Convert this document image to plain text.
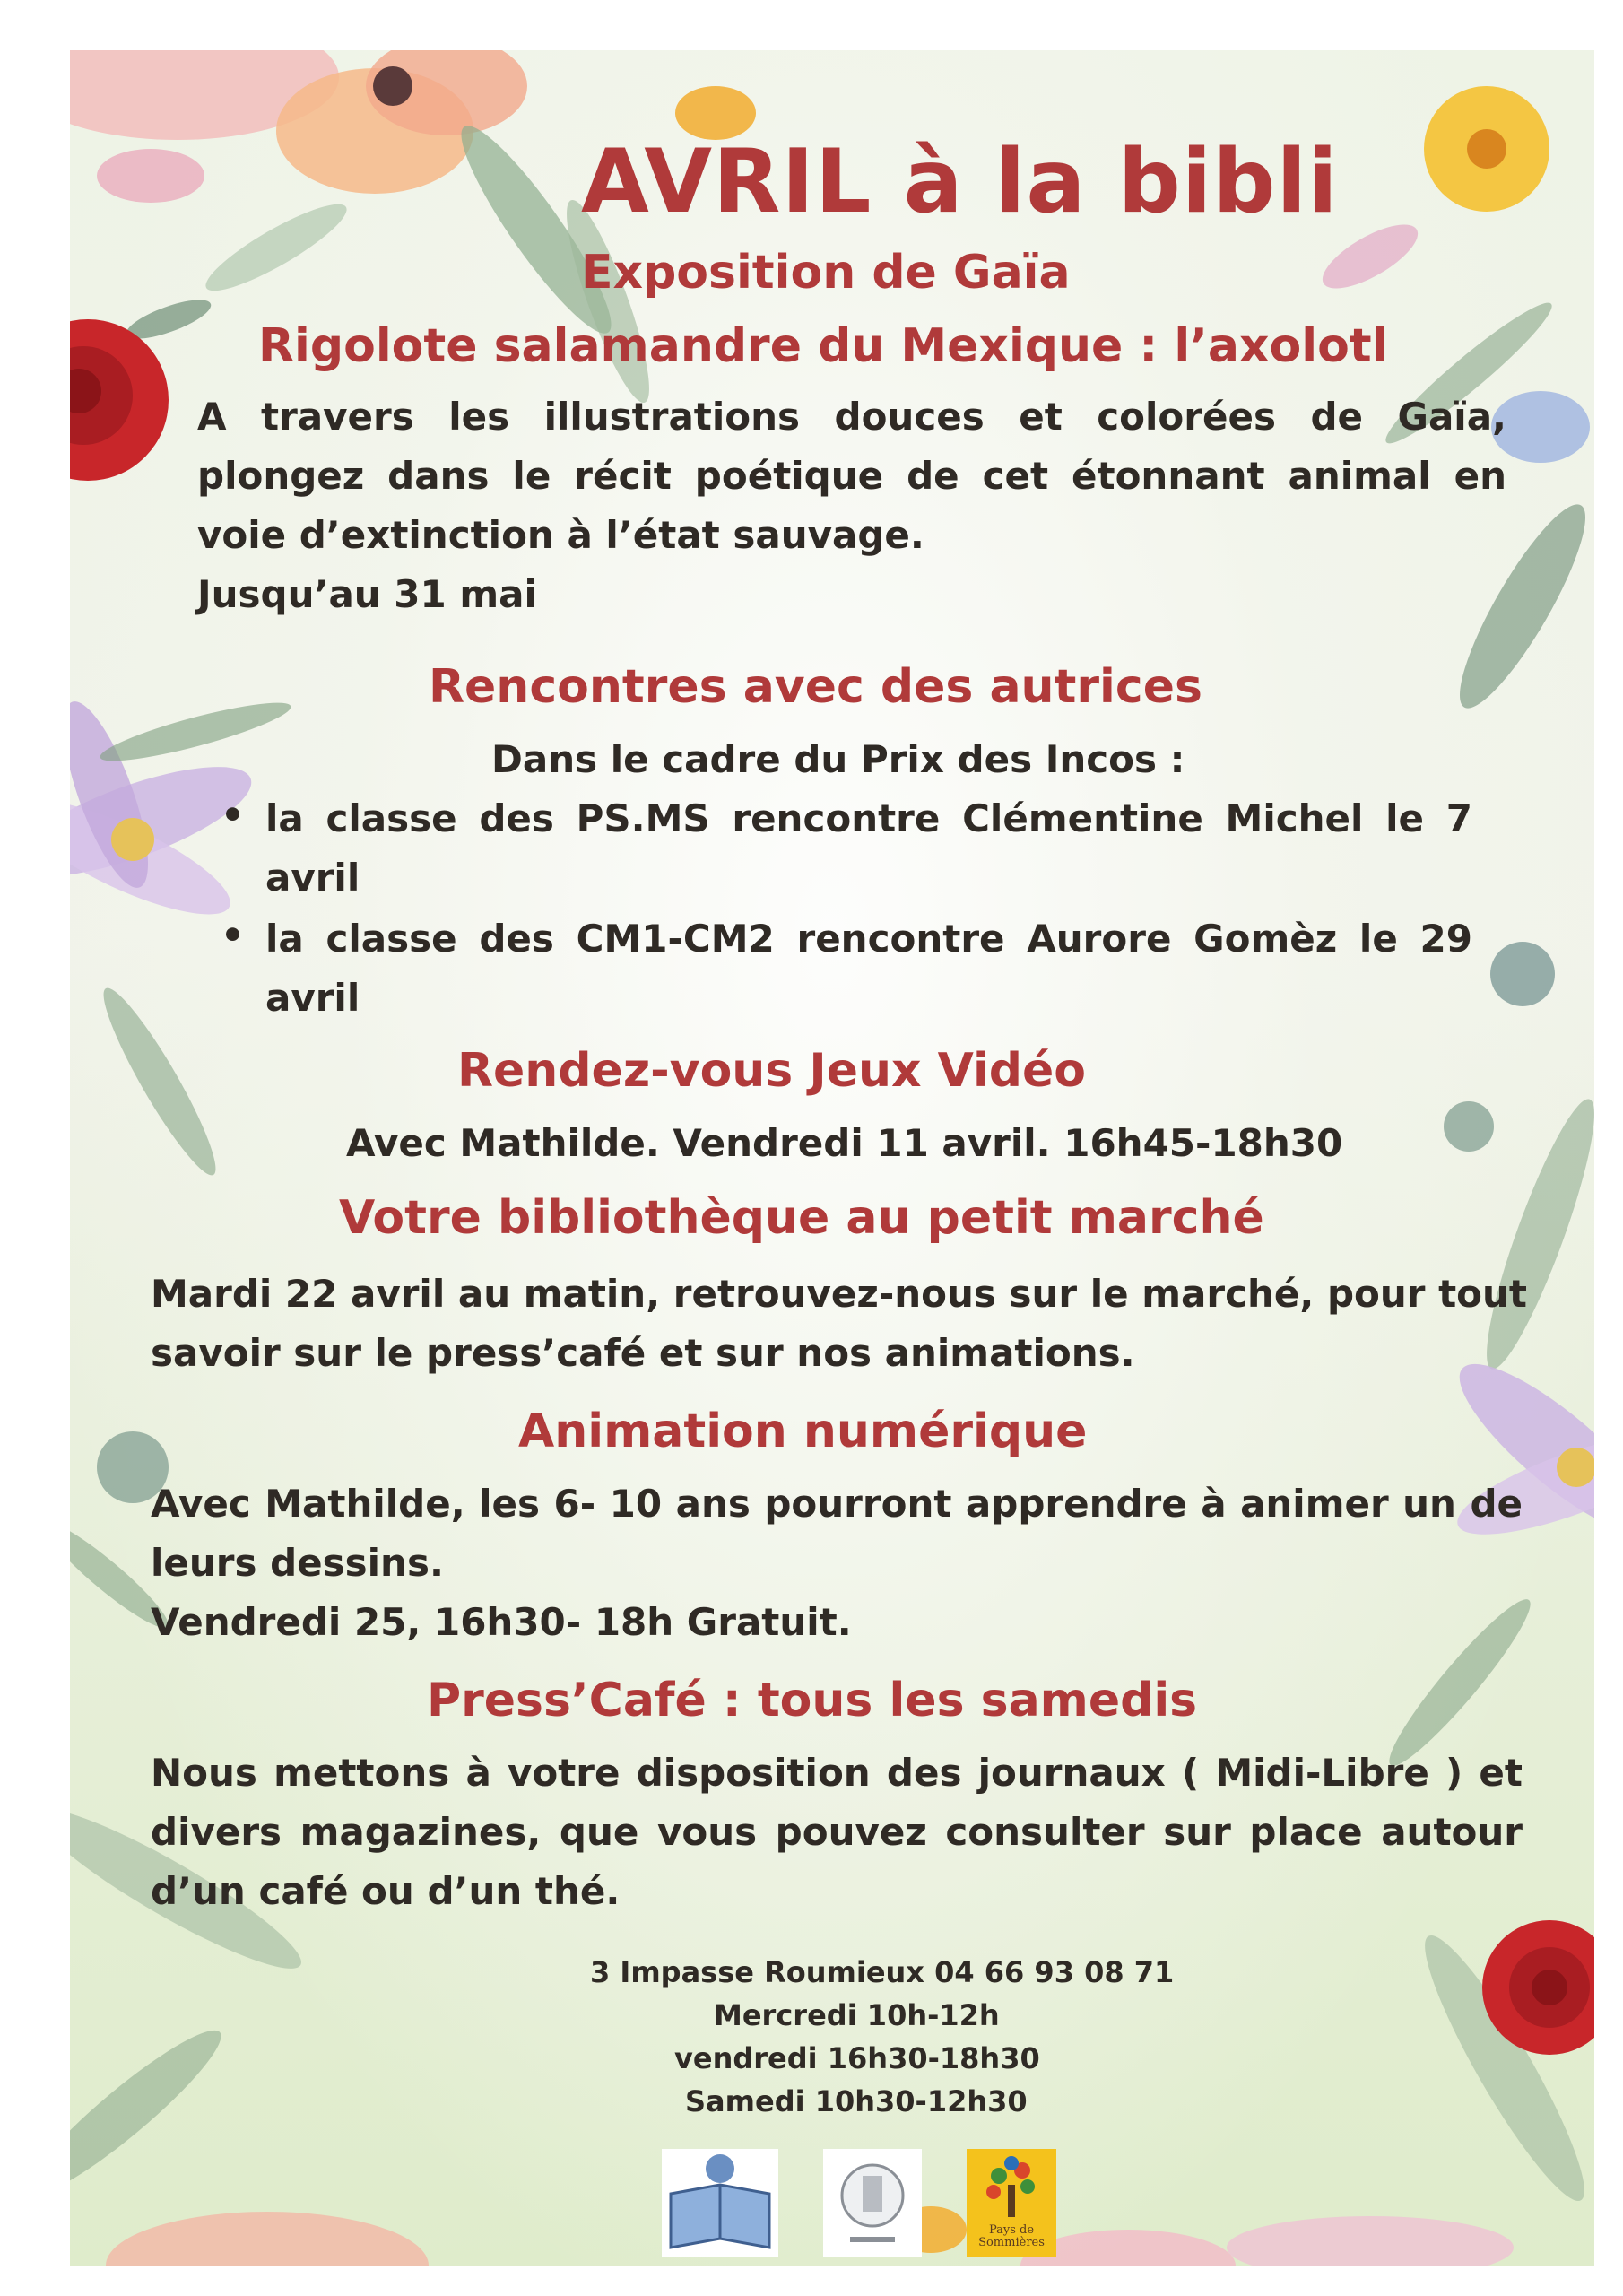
AVRIL à la bibli

Exposition de Gaïa

Rigolote salamandre du Mexique : l’axolotl

A travers les illustrations douces et colorées de Gaïa,

plongez dans le récit poétique de cet étonnant animal en

voie d’extinction à l’état sauvage.

Jusqu’au 31 mai

Rencontres avec des autrices

Dans le cadre du Prix des Incos :

• la classe des PS.MS rencontre Clémentine Michel le 7

avril

• la classe des CM1-CM2 rencontre Aurore Gomèz le 29

avril

Rendez-vous Jeux Vidéo

Avec Mathilde. Vendredi 11 avril. 16h45-18h30

Votre bibliothèque au petit marché

Mardi 22 avril au matin, retrouvez-nous sur le marché, pour tout

savoir sur le press’café et sur nos animations.

Animation numérique

Avec Mathilde, les 6- 10 ans pourront apprendre à animer un de

leurs dessins.

Vendredi 25, 16h30- 18h Gratuit.

Press’Café : tous les samedis

Nous mettons à votre disposition des journaux ( Midi-Libre ) et

divers magazines, que vous pouvez consulter sur place autour

d’un café ou d’un thé.

3 Impasse Roumieux 04 66 93 08 71

Mercredi 10h-12h

vendredi 16h30-18h30

Samedi 10h30-12h30

Pays de Sommières
